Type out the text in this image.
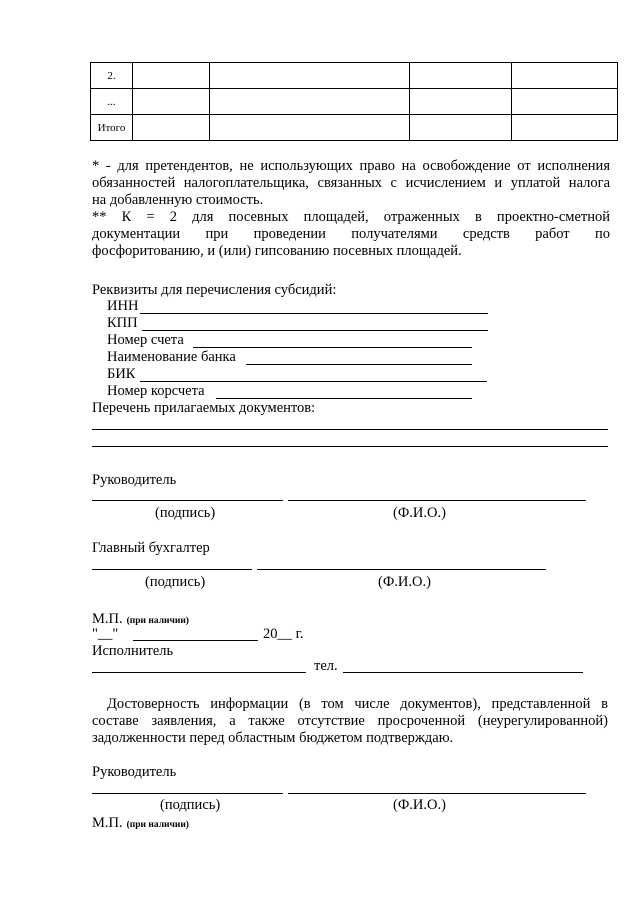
2.				
...				
Итого				
* - для претендентов, не использующих право на освобождение от исполнения
обязанностей налогоплательщика, связанных с исчислением и уплатой налога
на добавленную стоимость.
** К = 2 для посевных площадей, отраженных в проектно-сметной
документации при проведении получателями средств работ по
фосфоритованию, и (или) гипсованию посевных площадей.
Реквизиты для перечисления субсидий:
ИНН
КПП
Номер счета
Наименование банка
БИК
Номер корсчета
Перечень прилагаемых документов:
Руководитель
(подпись)	(Ф.И.О.)
Главный бухгалтер
(подпись)	(Ф.И.О.)
М.П. (при наличии)
"__"	20__ г.
Исполнитель
тел.
Достоверность информации (в том числе документов), представленной в
составе заявления, а также отсутствие просроченной (неурегулированной)
задолженности перед областным бюджетом подтверждаю.
Руководитель
(подпись)	(Ф.И.О.)
М.П. (при наличии)
